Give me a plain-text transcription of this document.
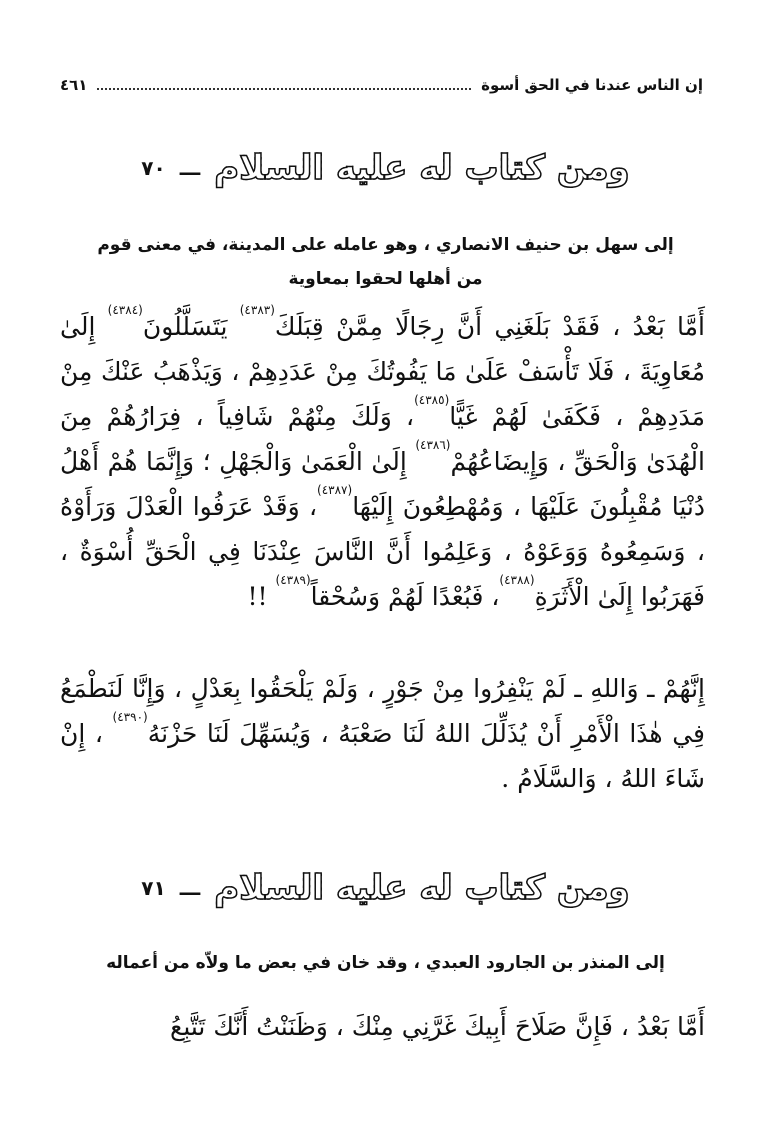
إن الناس عندنا في الحق أسوة
٤٦١
ومن كتاب له عليه السلام
ـــ
٧٠
إلى سهل بن حنيف الانصاري ، وهو عامله على المدينة، في معنى قوم
من أهلها لحقوا بمعاوية
أَمَّا بَعْدُ ، فَقَدْ بَلَغَنِي أَنَّ رِجَالًا مِمَّنْ قِبَلَكَ$^{(٤٣٨٣)}$ يَتَسَلَّلُونَ$^{(٤٣٨٤)}$ إِلَىٰ مُعَاوِيَةَ ، فَلَا تَأْسَفْ عَلَىٰ مَا يَفُوتُكَ مِنْ عَدَدِهِمْ ، وَيَذْهَبُ عَنْكَ مِنْ مَدَدِهِمْ ، فَكَفَىٰ لَهُمْ غَيًّا$^{(٤٣٨٥)}$، وَلَكَ مِنْهُمْ شَافِياً ، فِرَارُهُمْ مِنَ الْهُدَىٰ وَالْحَقِّ ، وَإِيضَاعُهُمْ$^{(٤٣٨٦)}$ إِلَىٰ الْعَمَىٰ وَالْجَهْلِ ؛ وَإِنَّمَا هُمْ أَهْلُ دُنْيَا مُقْبِلُونَ عَلَيْهَا ، وَمُهْطِعُونَ إِلَيْهَا$^{(٤٣٨٧)}$، وَقَدْ عَرَفُوا الْعَدْلَ وَرَأَوْهُ ، وَسَمِعُوهُ وَوَعَوْهُ ، وَعَلِمُوا أَنَّ النَّاسَ عِنْدَنَا فِي الْحَقِّ أُسْوَةٌ ، فَهَرَبُوا إِلَىٰ الْأَثَرَةِ$^{(٤٣٨٨)}$، فَبُعْدًا لَهُمْ وَسُحْقاً$^{(٤٣٨٩)}$ !!
إِنَّهُمْ ـ وَاللهِ ـ لَمْ يَنْفِرُوا مِنْ جَوْرٍ ، وَلَمْ يَلْحَقُوا بِعَدْلٍ ، وَإِنَّا لَنَطْمَعُ فِي هٰذَا الْأَمْرِ أَنْ يُذَلِّلَ اللهُ لَنَا صَعْبَهُ ، وَيُسَهِّلَ لَنَا حَزْنَهُ$^{(٤٣٩٠)}$ ، إِنْ شَاءَ اللهُ ، وَالسَّلَامُ .
ومن كتاب له عليه السلام
ـــ
٧١
إلى المنذر بن الجارود العبدي ، وقد خان في بعض ما ولاّه من أعماله
أَمَّا بَعْدُ ، فَإِنَّ صَلَاحَ أَبِيكَ غَرَّنِي مِنْكَ ، وَظَنَنْتُ أَنَّكَ تَتَّبِعُ
